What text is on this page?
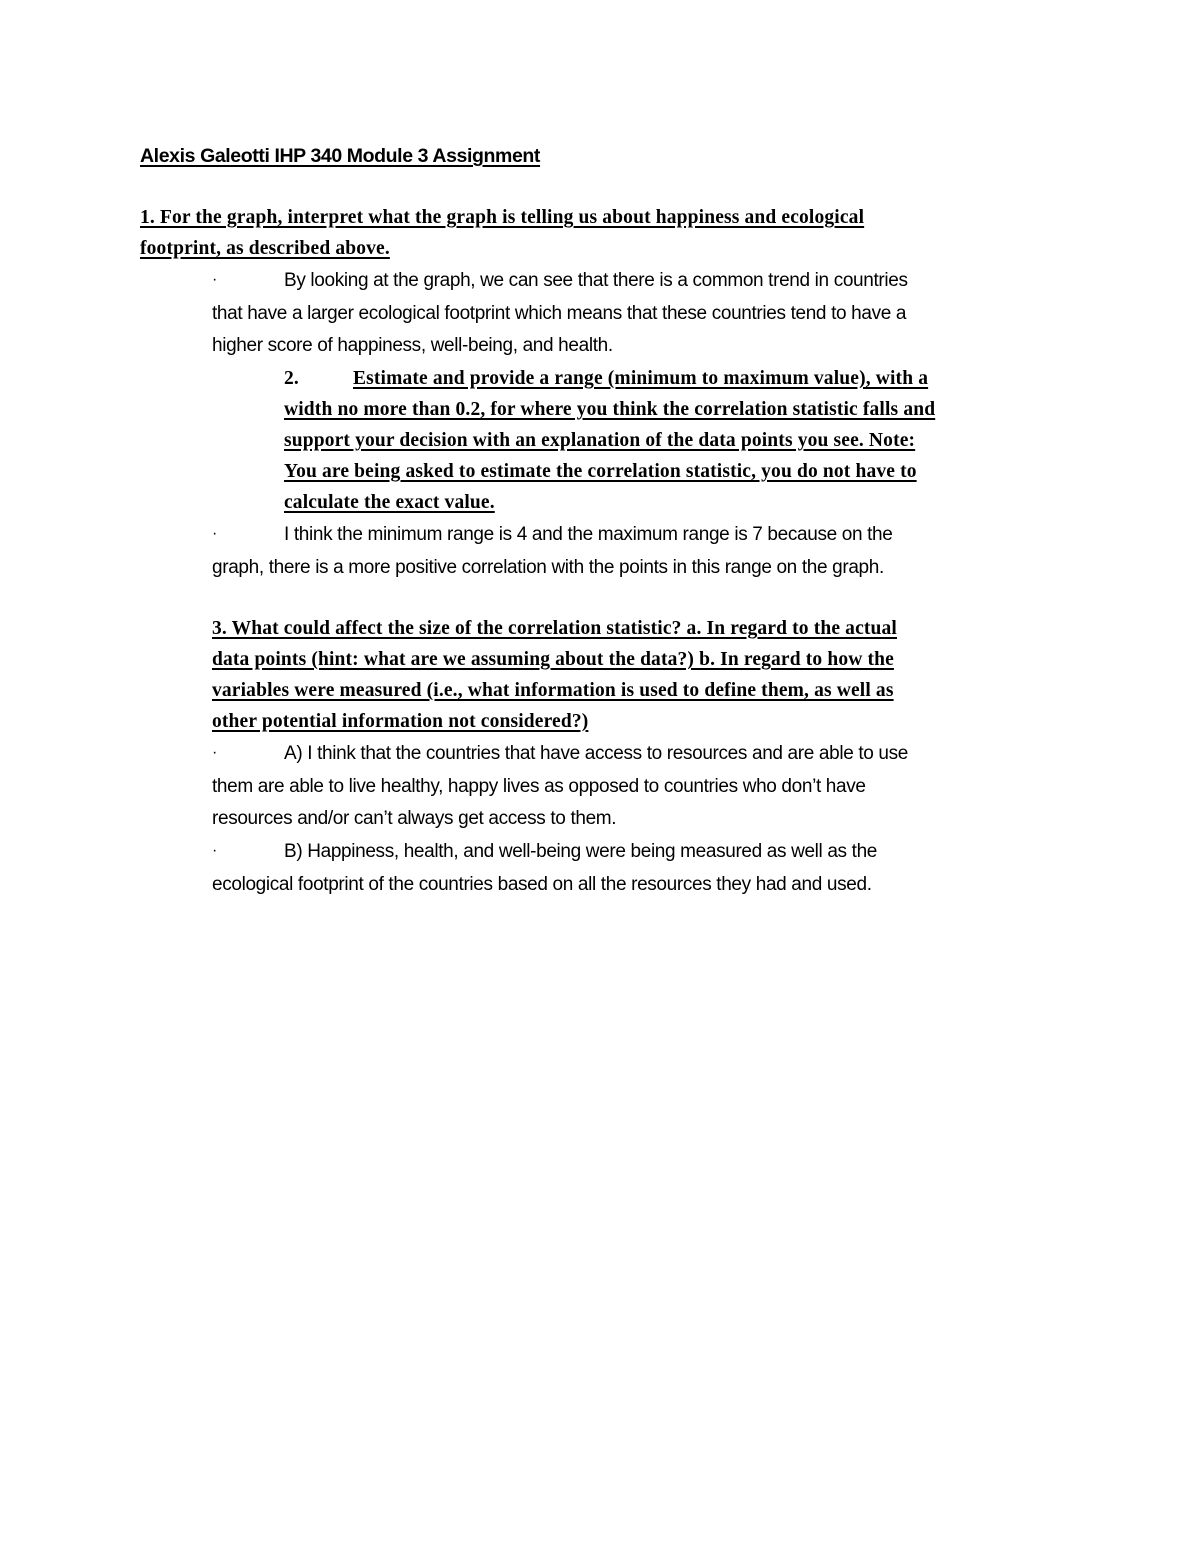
Alexis Galeotti IHP 340 Module 3 Assignment
1. For the graph, interpret what the graph is telling us about happiness and ecological
footprint, as described above.
·	By looking at the graph, we can see that there is a common trend in countries
that have a larger ecological footprint which means that these countries tend to have a
higher score of happiness, well-being, and health.
2.	Estimate and provide a range (minimum to maximum value), with a
width no more than 0.2, for where you think the correlation statistic falls and
support your decision with an explanation of the data points you see. Note:
You are being asked to estimate the correlation statistic, you do not have to
calculate the exact value.
·	I think the minimum range is 4 and the maximum range is 7 because on the
graph, there is a more positive correlation with the points in this range on the graph.
3. What could affect the size of the correlation statistic? a. In regard to the actual
data points (hint: what are we assuming about the data?) b. In regard to how the
variables were measured (i.e., what information is used to define them, as well as
other potential information not considered?)
·	A) I think that the countries that have access to resources and are able to use
them are able to live healthy, happy lives as opposed to countries who don’t have
resources and/or can’t always get access to them.
·	B) Happiness, health, and well-being were being measured as well as the
ecological footprint of the countries based on all the resources they had and used.
